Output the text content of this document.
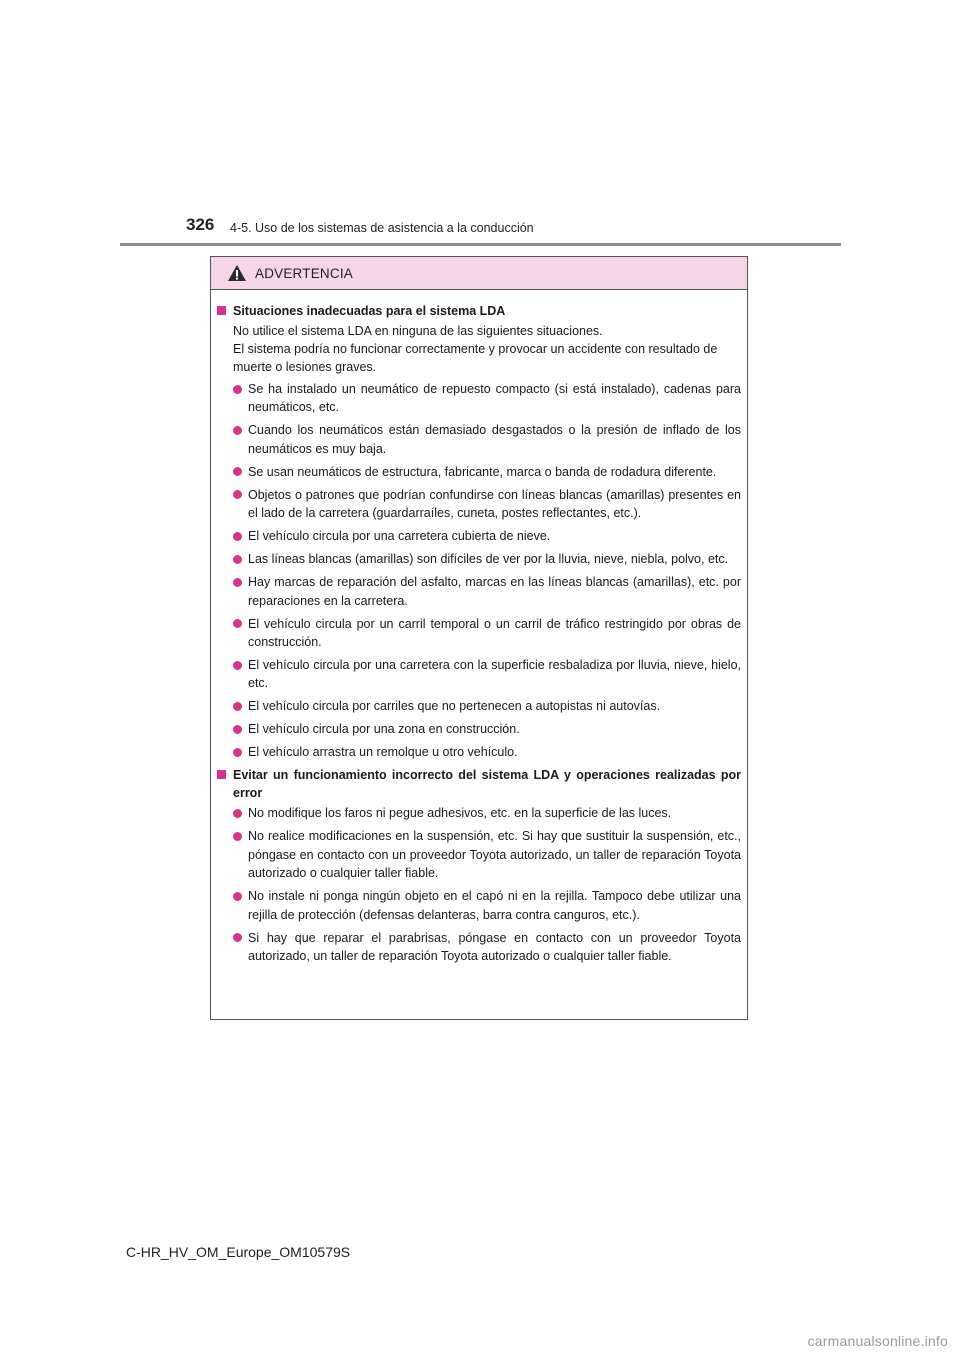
326 4-5. Uso de los sistemas de asistencia a la conducción
ADVERTENCIA
Situaciones inadecuadas para el sistema LDA
No utilice el sistema LDA en ninguna de las siguientes situaciones.
El sistema podría no funcionar correctamente y provocar un accidente con resultado de muerte o lesiones graves.
Se ha instalado un neumático de repuesto compacto (si está instalado), cadenas para neumáticos, etc.
Cuando los neumáticos están demasiado desgastados o la presión de inflado de los neumáticos es muy baja.
Se usan neumáticos de estructura, fabricante, marca o banda de rodadura diferente.
Objetos o patrones que podrían confundirse con líneas blancas (amarillas) presentes en el lado de la carretera (guardarraíles, cuneta, postes reflectantes, etc.).
El vehículo circula por una carretera cubierta de nieve.
Las líneas blancas (amarillas) son difíciles de ver por la lluvia, nieve, niebla, polvo, etc.
Hay marcas de reparación del asfalto, marcas en las líneas blancas (amarillas), etc. por reparaciones en la carretera.
El vehículo circula por un carril temporal o un carril de tráfico restringido por obras de construcción.
El vehículo circula por una carretera con la superficie resbaladiza por lluvia, nieve, hielo, etc.
El vehículo circula por carriles que no pertenecen a autopistas ni autovías.
El vehículo circula por una zona en construcción.
El vehículo arrastra un remolque u otro vehículo.
Evitar un funcionamiento incorrecto del sistema LDA y operaciones realizadas por error
No modifique los faros ni pegue adhesivos, etc. en la superficie de las luces.
No realice modificaciones en la suspensión, etc. Si hay que sustituir la suspensión, etc., póngase en contacto con un proveedor Toyota autorizado, un taller de reparación Toyota autorizado o cualquier taller fiable.
No instale ni ponga ningún objeto en el capó ni en la rejilla. Tampoco debe utilizar una rejilla de protección (defensas delanteras, barra contra canguros, etc.).
Si hay que reparar el parabrisas, póngase en contacto con un proveedor Toyota autorizado, un taller de reparación Toyota autorizado o cualquier taller fiable.
C-HR_HV_OM_Europe_OM10579S
carmanualsonline.info
